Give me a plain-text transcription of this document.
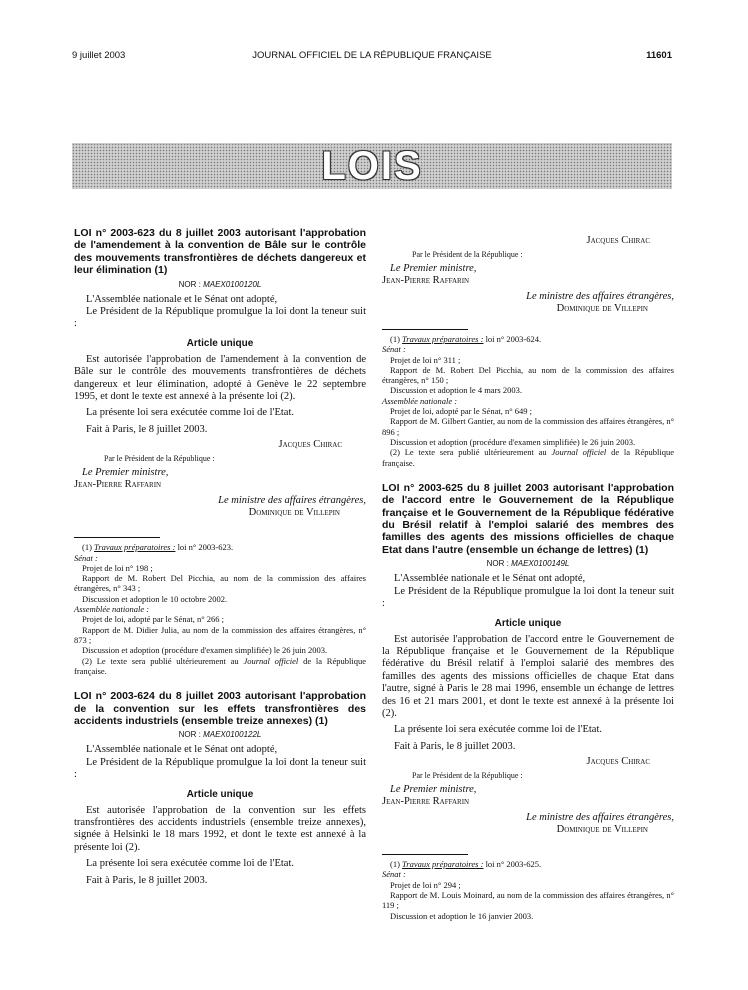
9 juillet 2003	JOURNAL OFFICIEL DE LA RÉPUBLIQUE FRANÇAISE	11601
LOIS

LOI n° 2003-623 du 8 juillet 2003 autorisant l'approbation de l'amendement à la convention de Bâle sur le contrôle des mouvements transfrontières de déchets dangereux et leur élimination (1)

NOR : MAEX0100120L

L'Assemblée nationale et le Sénat ont adopté,

Le Président de la République promulgue la loi dont la teneur suit :

Article unique

Est autorisée l'approbation de l'amendement à la convention de Bâle sur le contrôle des mouvements transfrontières de déchets dangereux et leur élimination, adopté à Genève le 22 septembre 1995, et dont le texte est annexé à la présente loi (2).

La présente loi sera exécutée comme loi de l'Etat.

Fait à Paris, le 8 juillet 2003.

Jacques Chirac

Par le Président de la République :

Le Premier ministre,

Jean-Pierre Raffarin

Le ministre des affaires étrangères,

Dominique de Villepin

(1) Travaux préparatoires : loi n° 2003-623.

Sénat :

Projet de loi n° 198 ;

Rapport de M. Robert Del Picchia, au nom de la commission des affaires étrangères, n° 343 ;

Discussion et adoption le 10 octobre 2002.

Assemblée nationale :

Projet de loi, adopté par le Sénat, n° 266 ;

Rapport de M. Didier Julia, au nom de la commission des affaires étrangères, n° 873 ;

Discussion et adoption (procédure d'examen simplifiée) le 26 juin 2003.

(2) Le texte sera publié ultérieurement au Journal officiel de la République française.

LOI n° 2003-624 du 8 juillet 2003 autorisant l'approbation de la convention sur les effets transfrontières des accidents industriels (ensemble treize annexes) (1)

NOR : MAEX0100122L

L'Assemblée nationale et le Sénat ont adopté,

Le Président de la République promulgue la loi dont la teneur suit :

Article unique

Est autorisée l'approbation de la convention sur les effets transfrontières des accidents industriels (ensemble treize annexes), signée à Helsinki le 18 mars 1992, et dont le texte est annexé à la présente loi (2).

La présente loi sera exécutée comme loi de l'Etat.

Fait à Paris, le 8 juillet 2003.

Jacques Chirac

Par le Président de la République :

Le Premier ministre,

Jean-Pierre Raffarin

Le ministre des affaires étrangères,

Dominique de Villepin

(1) Travaux préparatoires : loi n° 2003-624.

Sénat :

Projet de loi n° 311 ;

Rapport de M. Robert Del Picchia, au nom de la commission des affaires étrangères, n° 150 ;

Discussion et adoption le 4 mars 2003.

Assemblée nationale :

Projet de loi, adopté par le Sénat, n° 649 ;

Rapport de M. Gilbert Gantier, au nom de la commission des affaires étrangères, n° 896 ;

Discussion et adoption (procédure d'examen simplifiée) le 26 juin 2003.

(2) Le texte sera publié ultérieurement au Journal officiel de la République française.

LOI n° 2003-625 du 8 juillet 2003 autorisant l'approbation de l'accord entre le Gouvernement de la République française et le Gouvernement de la République fédérative du Brésil relatif à l'emploi salarié des membres des familles des agents des missions officielles de chaque Etat dans l'autre (ensemble un échange de lettres) (1)

NOR : MAEX0100149L

L'Assemblée nationale et le Sénat ont adopté,

Le Président de la République promulgue la loi dont la teneur suit :

Article unique

Est autorisée l'approbation de l'accord entre le Gouvernement de la République française et le Gouvernement de la République fédérative du Brésil relatif à l'emploi salarié des membres des familles des agents des missions officielles de chaque Etat dans l'autre, signé à Paris le 28 mai 1996, ensemble un échange de lettres des 16 et 21 mars 2001, et dont le texte est annexé à la présente loi (2).

La présente loi sera exécutée comme loi de l'Etat.

Fait à Paris, le 8 juillet 2003.

Jacques Chirac

Par le Président de la République :

Le Premier ministre,

Jean-Pierre Raffarin

Le ministre des affaires étrangères,

Dominique de Villepin

(1) Travaux préparatoires : loi n° 2003-625.

Sénat :

Projet de loi n° 294 ;

Rapport de M. Louis Moinard, au nom de la commission des affaires étrangères, n° 119 ;

Discussion et adoption le 16 janvier 2003.
